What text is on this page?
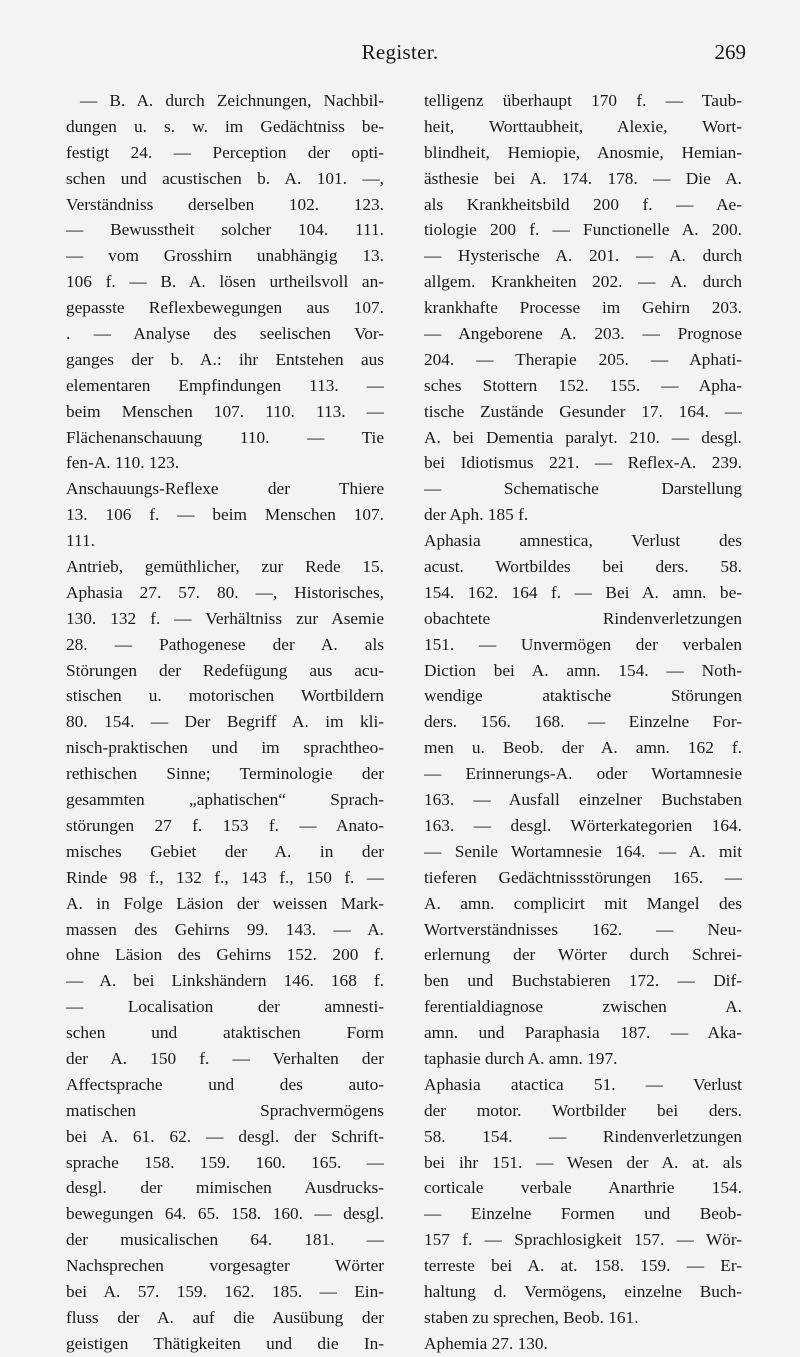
Register.	269
— B. A. durch Zeichnungen, Nachbil-
dungen u. s. w. im Gedächtniss be-
festigt 24. — Perception der opti-
schen und acustischen b. A. 101. —,
Verständniss derselben 102. 123.
— Bewusstheit solcher 104. 111.
— vom Grosshirn unabhängig 13.
106 f. — B. A. lösen urtheilsvoll an-
gepasste Reflexbewegungen aus 107.
. — Analyse des seelischen Vor-
ganges der b. A.: ihr Entstehen aus
elementaren Empfindungen 113. —
beim Menschen 107. 110. 113. —
Flächenanschauung 110. — Tie
fen-A. 110. 123.
Anschauungs-Reflexe der Thiere
13. 106 f. — beim Menschen 107.
111.
Antrieb, gemüthlicher, zur Rede 15.
Aphasia 27. 57. 80. —, Historisches,
130. 132 f. — Verhältniss zur Asemie
28. — Pathogenese der A. als
Störungen der Redefügung aus acu-
stischen u. motorischen Wortbildern
80. 154. — Der Begriff A. im kli-
nisch-praktischen und im sprachtheo-
rethischen Sinne; Terminologie der
gesammten „aphatischen“ Sprach-
störungen 27 f. 153 f. — Anato-
misches Gebiet der A. in der
Rinde 98 f., 132 f., 143 f., 150 f. —
A. in Folge Läsion der weissen Mark-
massen des Gehirns 99. 143. — A.
ohne Läsion des Gehirns 152. 200 f.
— A. bei Linkshändern 146. 168 f.
— Localisation der amnesti-
schen und ataktischen Form
der A. 150 f. — Verhalten der
Affectsprache und des auto-
matischen Sprachvermögens
bei A. 61. 62. — desgl. der Schrift-
sprache 158. 159. 160. 165. —
desgl. der mimischen Ausdrucks-
bewegungen 64. 65. 158. 160. — desgl.
der musicalischen 64. 181. —
Nachsprechen vorgesagter Wörter
bei A. 57. 159. 162. 185. — Ein-
fluss der A. auf die Ausübung der
geistigen Thätigkeiten und die In-
telligenz überhaupt 170 f. — Taub-
heit, Worttaubheit, Alexie, Wort-
blindheit, Hemiopie, Anosmie, Hemian-
ästhesie bei A. 174. 178. — Die A.
als Krankheitsbild 200 f. — Ae-
tiologie 200 f. — Functionelle A. 200.
— Hysterische A. 201. — A. durch
allgem. Krankheiten 202. — A. durch
krankhafte Processe im Gehirn 203.
— Angeborene A. 203. — Prognose
204. — Therapie 205. — Aphati-
sches Stottern 152. 155. — Apha-
tische Zustände Gesunder 17. 164. —
A. bei Dementia paralyt. 210. — desgl.
bei Idiotismus 221. — Reflex-A. 239.
— Schematische Darstellung
der Aph. 185 f.
Aphasia amnestica, Verlust des
acust. Wortbildes bei ders. 58.
154. 162. 164 f. — Bei A. amn. be-
obachtete Rindenverletzungen
151. — Unvermögen der verbalen
Diction bei A. amn. 154. — Noth-
wendige ataktische Störungen
ders. 156. 168. — Einzelne For-
men u. Beob. der A. amn. 162 f.
— Erinnerungs-A. oder Wortamnesie
163. — Ausfall einzelner Buchstaben
163. — desgl. Wörterkategorien 164.
— Senile Wortamnesie 164. — A. mit
tieferen Gedächtnissstörungen 165. —
A. amn. complicirt mit Mangel des
Wortverständnisses 162. — Neu-
erlernung der Wörter durch Schrei-
ben und Buchstabieren 172. — Dif-
ferentialdiagnose zwischen A.
amn. und Paraphasia 187. — Aka-
taphasie durch A. amn. 197.
Aphasia atactica 51. — Verlust
der motor. Wortbilder bei ders.
58. 154. — Rindenverletzungen
bei ihr 151. — Wesen der A. at. als
corticale verbale Anarthrie 154.
— Einzelne Formen und Beob-
157 f. — Sprachlosigkeit 157. — Wör-
terreste bei A. at. 158. 159. — Er-
haltung d. Vermögens, einzelne Buch-
staben zu sprechen, Beob. 161.
Aphemia 27. 130.
